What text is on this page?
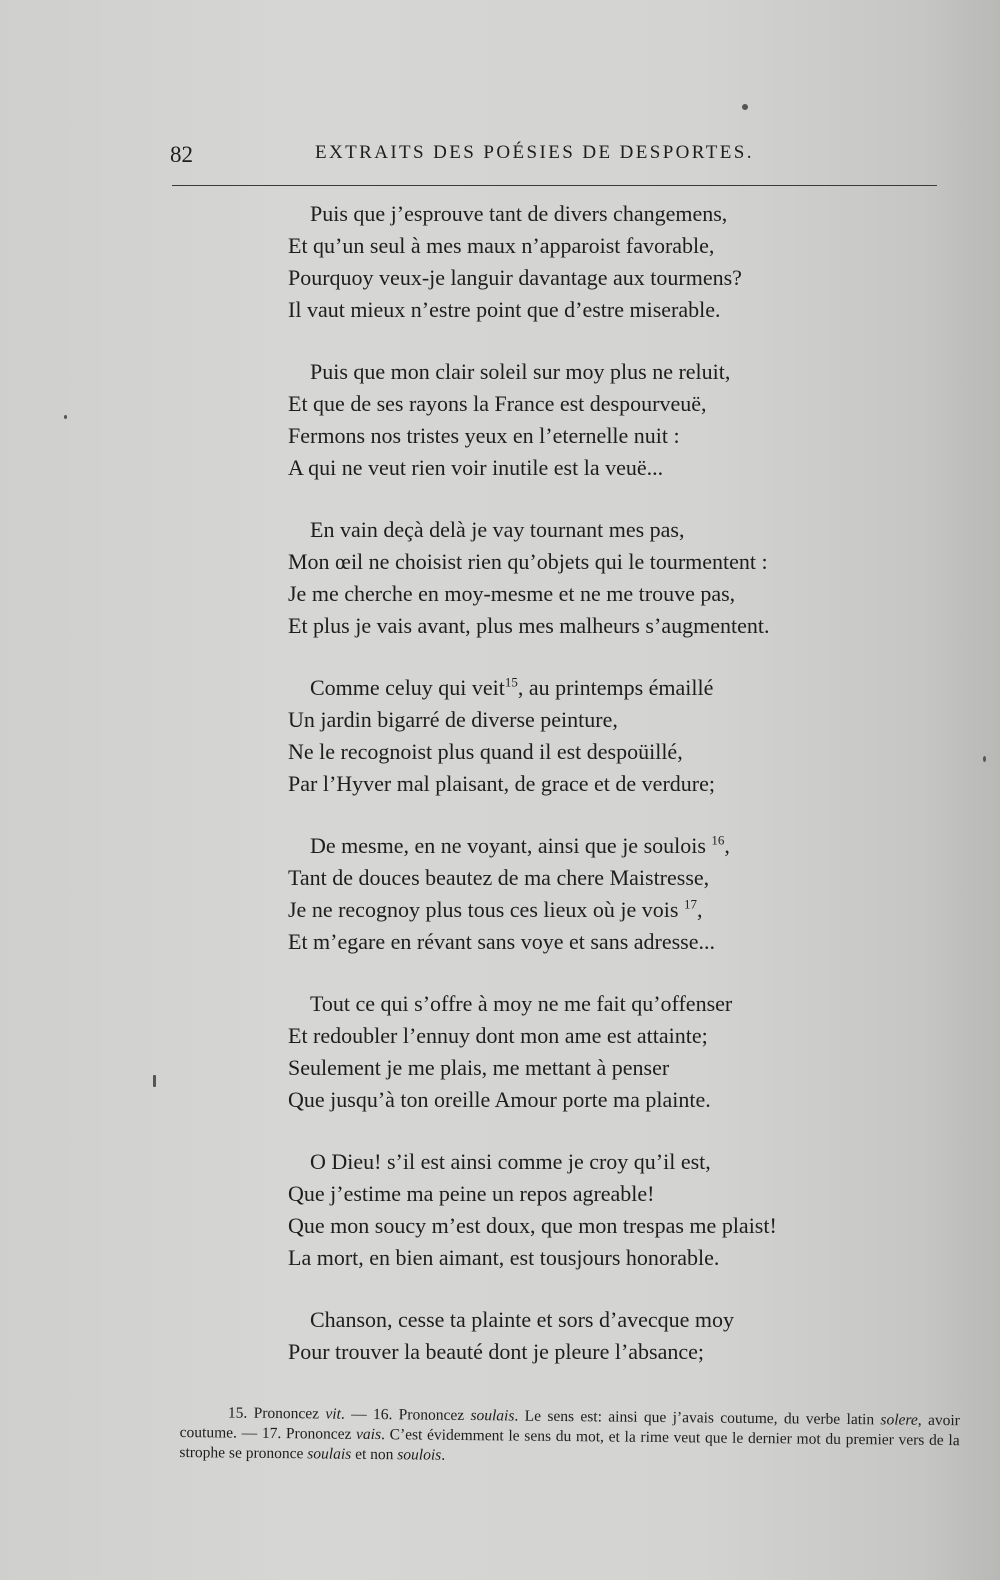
82	EXTRAITS DES POÉSIES DE DESPORTES.
Puis que j’esprouve tant de divers changemens,
Et qu’un seul à mes maux n’apparoist favorable,
Pourquoy veux-je languir davantage aux tourmens?
Il vaut mieux n’estre point que d’estre miserable.
Puis que mon clair soleil sur moy plus ne reluit,
Et que de ses rayons la France est despourveuë,
Fermons nos tristes yeux en l’eternelle nuit :
A qui ne veut rien voir inutile est la veuë...
En vain deçà delà je vay tournant mes pas,
Mon œil ne choisist rien qu’objets qui le tourmentent :
Je me cherche en moy-mesme et ne me trouve pas,
Et plus je vais avant, plus mes malheurs s’augmentent.
Comme celuy qui veit$^{15}$, au printemps émaillé
Un jardin bigarré de diverse peinture,
Ne le recognoist plus quand il est despoüillé,
Par l’Hyver mal plaisant, de grace et de verdure;
De mesme, en ne voyant, ainsi que je soulois $^{16}$,
Tant de douces beautez de ma chere Maistresse,
Je ne recognoy plus tous ces lieux où je vois $^{17}$,
Et m’egare en révant sans voye et sans adresse...
Tout ce qui s’offre à moy ne me fait qu’offenser
Et redoubler l’ennuy dont mon ame est attainte;
Seulement je me plais, me mettant à penser
Que jusqu’à ton oreille Amour porte ma plainte.
O Dieu! s’il est ainsi comme je croy qu’il est,
Que j’estime ma peine un repos agreable!
Que mon soucy m’est doux, que mon trespas me plaist!
La mort, en bien aimant, est tousjours honorable.
Chanson, cesse ta plainte et sors d’avecque moy
Pour trouver la beauté dont je pleure l’absance;

15. Prononcez vit. — 16. Prononcez soulais. Le sens est: ainsi que j’avais coutume, du verbe latin solere, avoir coutume. — 17. Prononcez vais. C’est évidemment le sens du mot, et la rime veut que le dernier mot du premier vers de la strophe se prononce soulais et non soulois.
